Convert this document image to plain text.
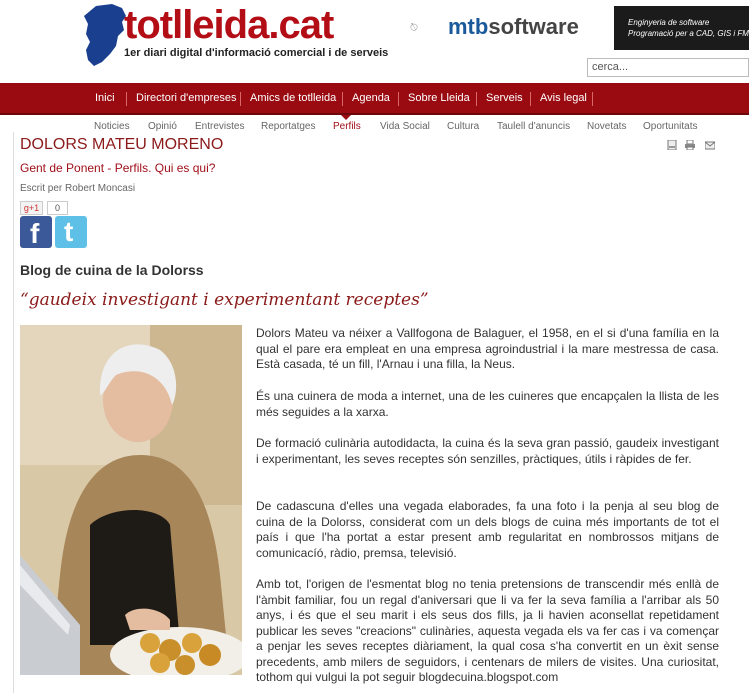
totlleida.cat
1er diari digital d'informació comercial i de serveis
mtbsoftware	Enginyeria de software
Programació per a CAD, GIS i FM
cerca...
Inici Directori d'empreses Amics de totlleida Agenda Sobre Lleida Serveis Avis legal
Noticies Opinió Entrevistes Reportatges Perfils Vida Social Cultura Taulell d'anuncis Novetats Oportunitats
DOLORS MATEU MORENO
Gent de Ponent - Perfils. Qui es qui?
Escrit per Robert Moncasi
g+1	0
f t
Blog de cuina de la Dolorss
“gaudeix investigant i experimentant receptes”
Dolors Mateu va néixer a Vallfogona de Balaguer, el 1958, en el si d'una família en la qual el pare era empleat en una empresa agroindustrial i la mare mestressa de casa. Està casada, té un fill, l'Arnau i una filla, la Neus.
És una cuinera de moda a internet, una de les cuineres que encapçalen la llista de les més seguides a la xarxa.
De formació culinària autodidacta, la cuina és la seva gran passió, gaudeix investigant i experimentant, les seves receptes són senzilles, pràctiques, útils i ràpides de fer.
De cadascuna d'elles una vegada elaborades, fa una foto i la penja al seu blog de cuina de la Dolorss, considerat com un dels blogs de cuina més importants de tot el país i que l'ha portat a estar present amb regularitat en nombrossos mitjans de comunicacíó, ràdio, premsa, televisió.
Amb tot, l'origen de l'esmentat blog no tenia pretensions de transcendir més enllà de l'àmbit familiar, fou un regal d'aniversari que li va fer la seva família a l'arribar als 50 anys, i és que el seu marit i els seus dos fills, ja li havien aconsellat repetidament publicar les seves "creacions" culinàries, aquesta vegada els va fer cas i va començar a penjar les seves receptes diàriament, la qual cosa s'ha convertit en un èxit sense precedents, amb milers de seguidors, i centenars de milers de visites. Una curiositat, tothom qui vulgui la pot seguir blogdecuina.blogspot.com
